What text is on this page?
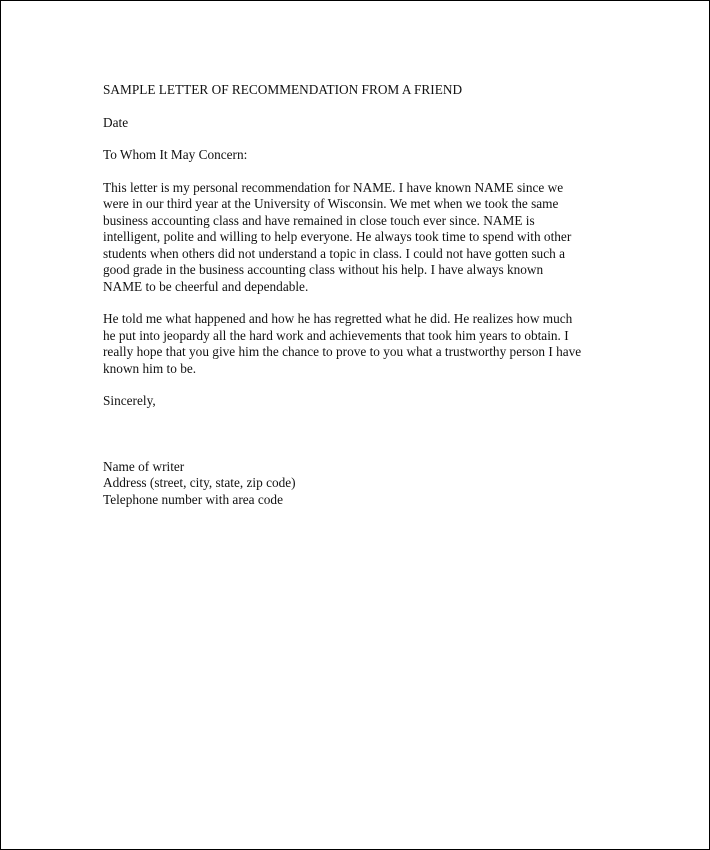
SAMPLE LETTER OF RECOMMENDATION FROM A FRIEND
Date
To Whom It May Concern:
This letter is my personal recommendation for NAME. I have known NAME since we
were in our third year at the University of Wisconsin. We met when we took the same
business accounting class and have remained in close touch ever since. NAME is
intelligent, polite and willing to help everyone. He always took time to spend with other
students when others did not understand a topic in class. I could not have gotten such a
good grade in the business accounting class without his help. I have always known
NAME to be cheerful and dependable.
He told me what happened and how he has regretted what he did. He realizes how much
he put into jeopardy all the hard work and achievements that took him years to obtain. I
really hope that you give him the chance to prove to you what a trustworthy person I have
known him to be.
Sincerely,
Name of writer
Address (street, city, state, zip code)
Telephone number with area code
